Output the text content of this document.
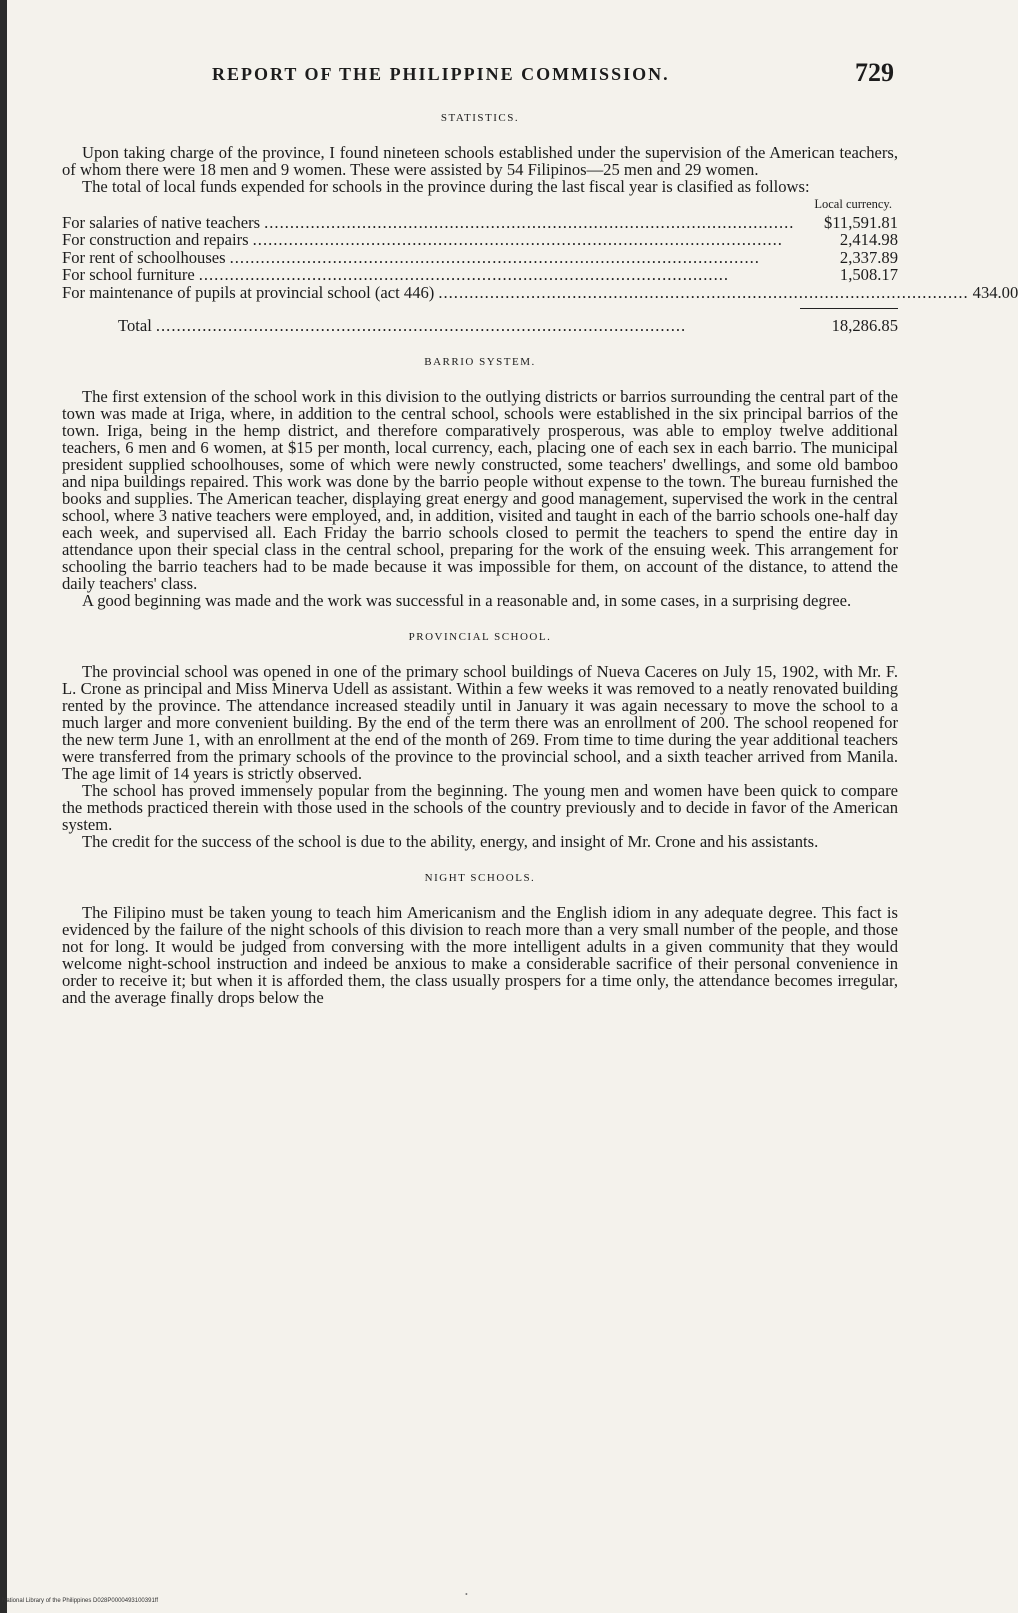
REPORT OF THE PHILIPPINE COMMISSION.	729
STATISTICS.

Upon taking charge of the province, I found nineteen schools established under the supervision of the American teachers, of whom there were 18 men and 9 women. These were assisted by 54 Filipinos—25 men and 29 women.

The total of local funds expended for schools in the province during the last fiscal year is clasified as follows:

Local currency.
For salaries of native teachers .......................................................................................................	$11,591.81
For construction and repairs .......................................................................................................	2,414.98
For rent of schoolhouses .......................................................................................................	2,337.89
For school furniture .......................................................................................................	1,508.17
For maintenance of pupils at provincial school (act 446) ....................................................................................................... 434.00
Total .......................................................................................................	18,286.85
BARRIO SYSTEM.

The first extension of the school work in this division to the outlying districts or barrios surrounding the central part of the town was made at Iriga, where, in addition to the central school, schools were established in the six principal barrios of the town. Iriga, being in the hemp district, and therefore comparatively prosperous, was able to employ twelve additional teachers, 6 men and 6 women, at $15 per month, local currency, each, placing one of each sex in each barrio. The municipal president supplied schoolhouses, some of which were newly constructed, some teachers' dwellings, and some old bamboo and nipa buildings repaired. This work was done by the barrio people without expense to the town. The bureau furnished the books and supplies. The American teacher, displaying great energy and good management, supervised the work in the central school, where 3 native teachers were employed, and, in addition, visited and taught in each of the barrio schools one-half day each week, and supervised all. Each Friday the barrio schools closed to permit the teachers to spend the entire day in attendance upon their special class in the central school, preparing for the work of the ensuing week. This arrangement for schooling the barrio teachers had to be made because it was impossible for them, on account of the distance, to attend the daily teachers' class.

A good beginning was made and the work was successful in a reasonable and, in some cases, in a surprising degree.

PROVINCIAL SCHOOL.

The provincial school was opened in one of the primary school buildings of Nueva Caceres on July 15, 1902, with Mr. F. L. Crone as principal and Miss Minerva Udell as assistant. Within a few weeks it was removed to a neatly renovated building rented by the province. The attendance increased steadily until in January it was again necessary to move the school to a much larger and more convenient building. By the end of the term there was an enrollment of 200. The school reopened for the new term June 1, with an enrollment at the end of the month of 269. From time to time during the year additional teachers were transferred from the primary schools of the province to the provincial school, and a sixth teacher arrived from Manila. The age limit of 14 years is strictly observed.

The school has proved immensely popular from the beginning. The young men and women have been quick to compare the methods practiced therein with those used in the schools of the country previously and to decide in favor of the American system.

The credit for the success of the school is due to the ability, energy, and insight of Mr. Crone and his assistants.

NIGHT SCHOOLS.

The Filipino must be taken young to teach him Americanism and the English idiom in any adequate degree. This fact is evidenced by the failure of the night schools of this division to reach more than a very small number of the people, and those not for long. It would be judged from conversing with the more intelligent adults in a given community that they would welcome night-school instruction and indeed be anxious to make a considerable sacrifice of their personal convenience in order to receive it; but when it is afforded them, the class usually prospers for a time only, the attendance becomes irregular, and the average finally drops below the

•
National Library of the Philippines D028P0000493100391ff
